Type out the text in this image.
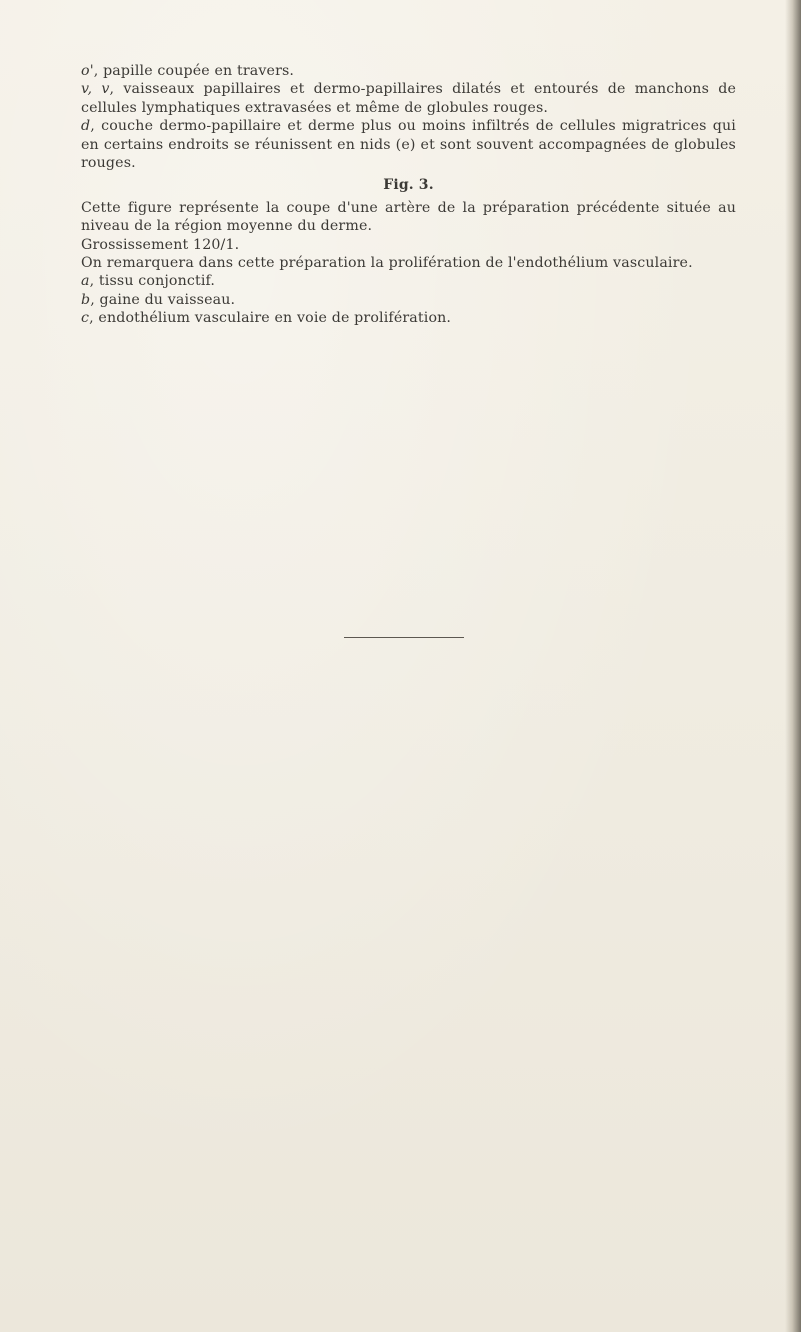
o', papille coupée en travers.

v, v, vaisseaux papillaires et dermo-papillaires dilatés et entourés de manchons de cellules lymphatiques extravasées et même de globules rouges.

d, couche dermo-papillaire et derme plus ou moins infiltrés de cellules migratrices qui en certains endroits se réunissent en nids (e) et sont souvent accompagnées de globules rouges.

Fig. 3.

Cette figure représente la coupe d'une artère de la préparation précédente située au niveau de la région moyenne du derme.

Grossissement 120/1.

On remarquera dans cette préparation la prolifération de l'endothélium vasculaire.

a, tissu conjonctif.

b, gaine du vaisseau.

c, endothélium vasculaire en voie de prolifération.
